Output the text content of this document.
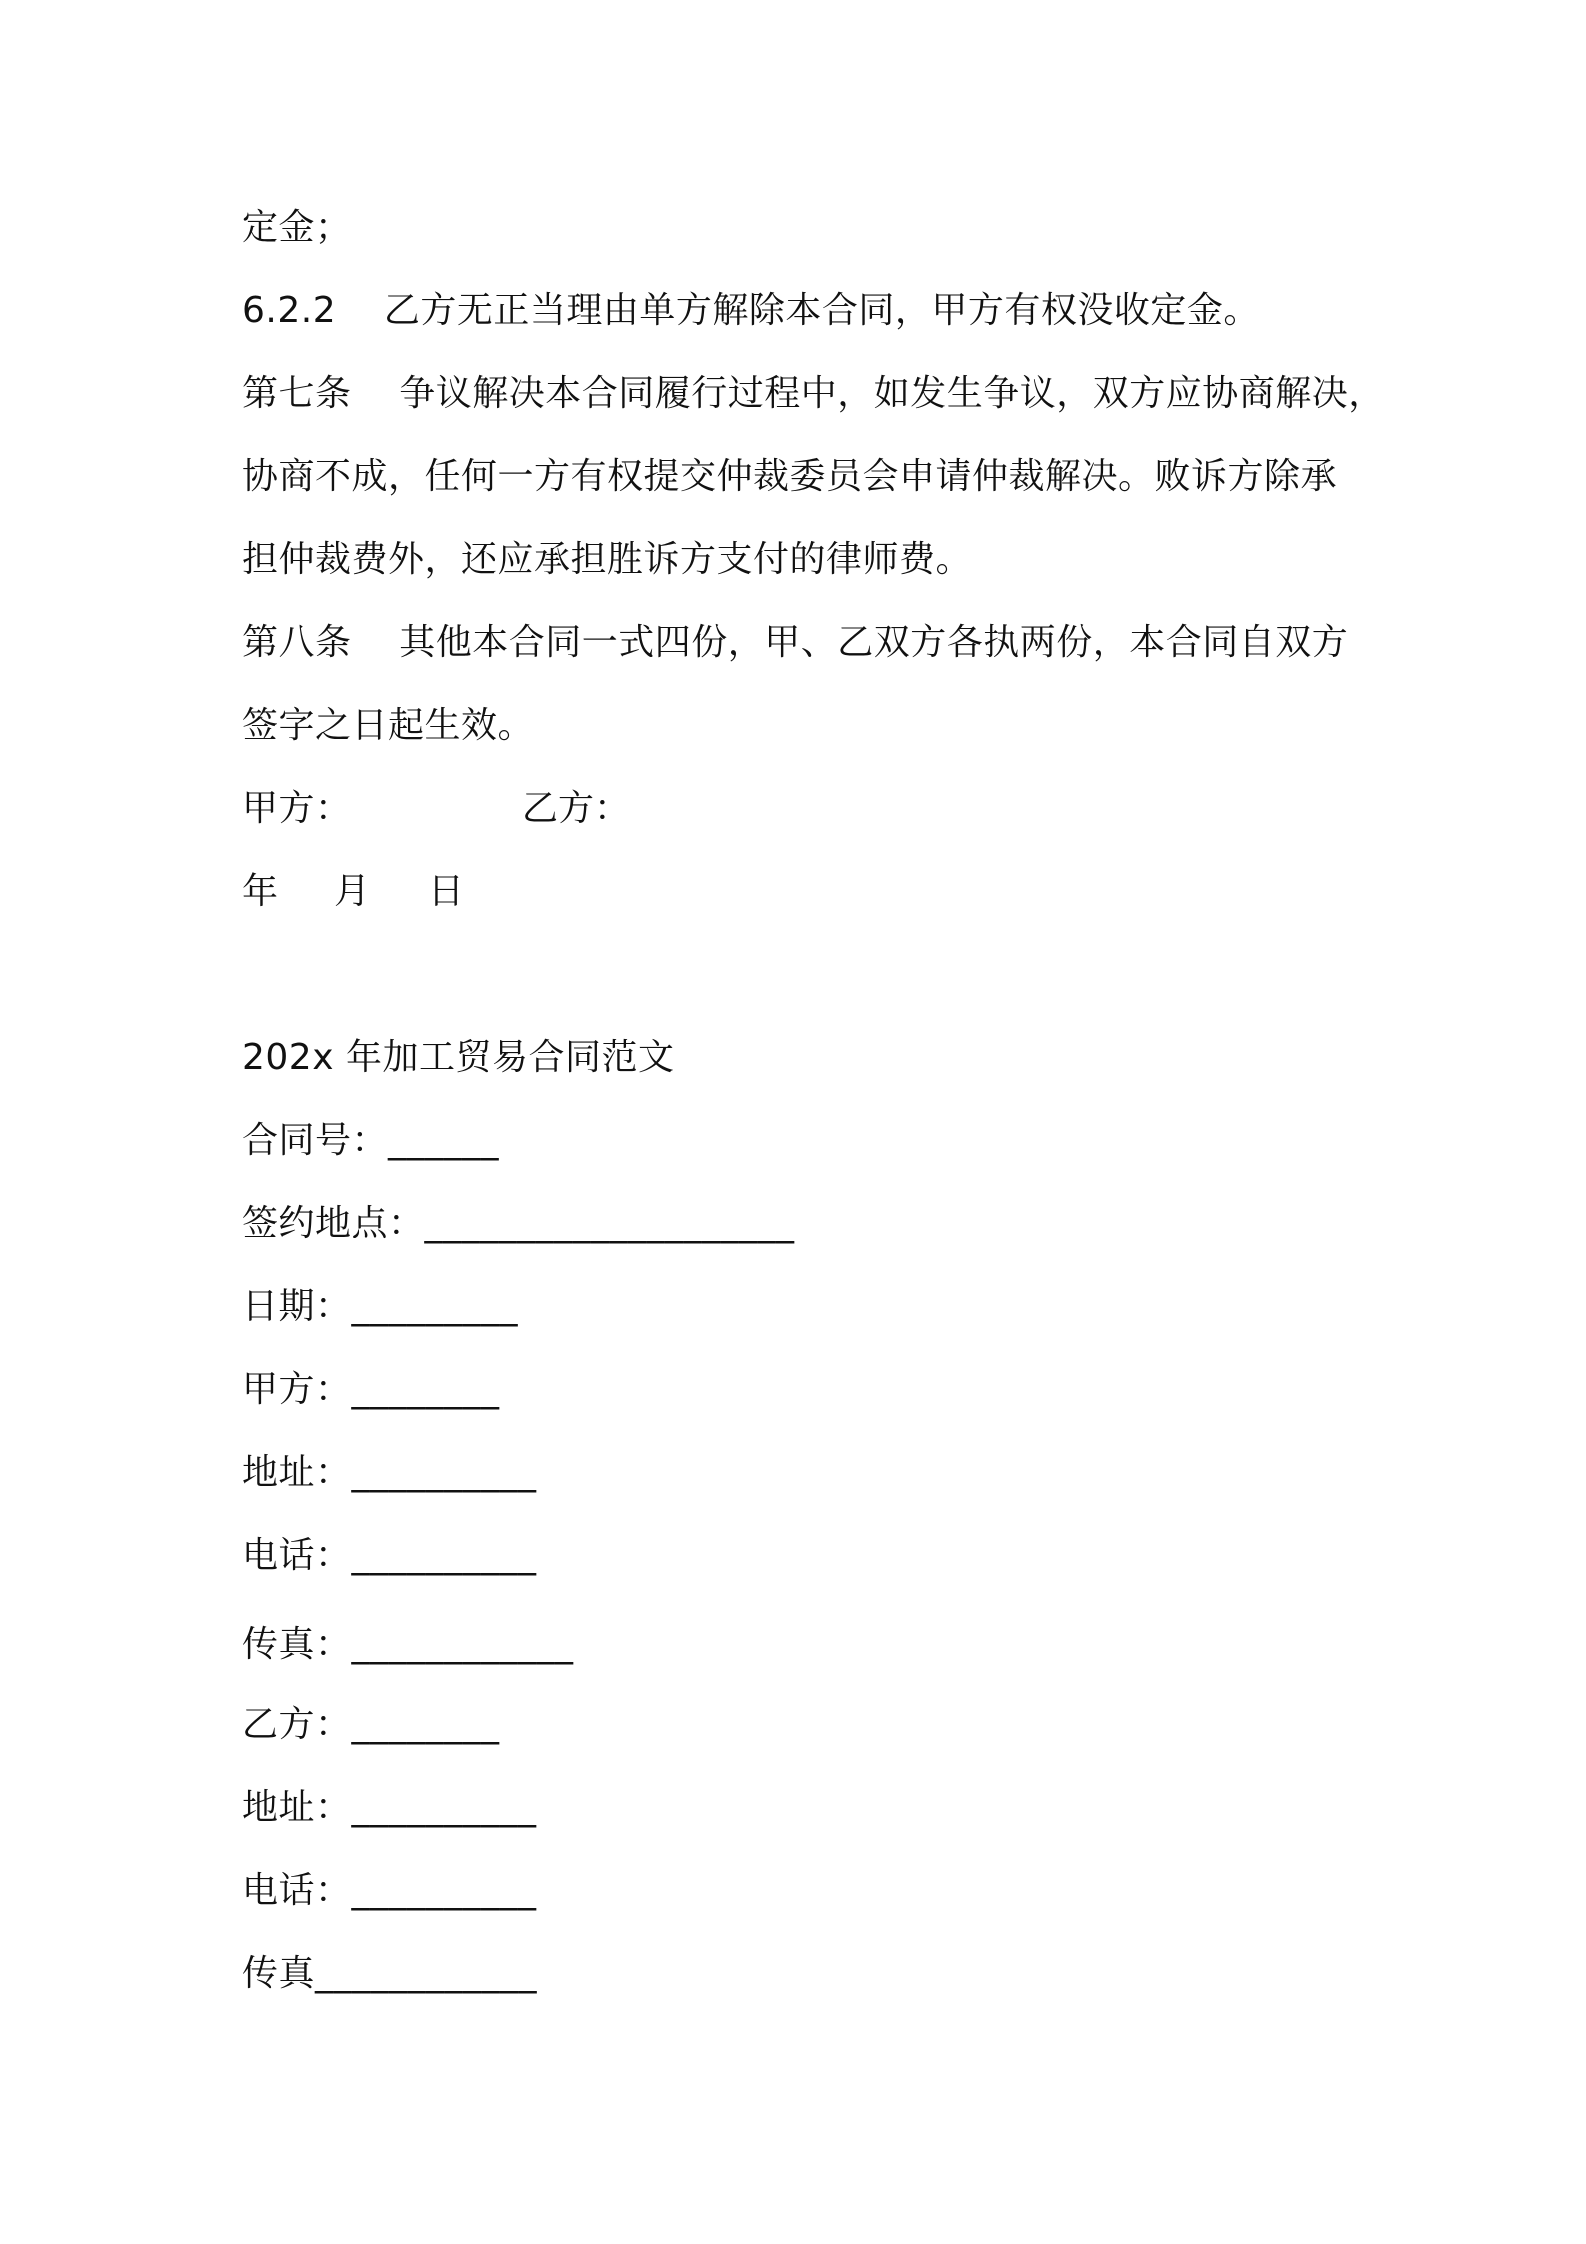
定金；
6.2.2    乙方无正当理由单方解除本合同，甲方有权没收定金。
第七条    争议解决本合同履行过程中，如发生争议，双方应协商解决，
协商不成，任何一方有权提交仲裁委员会申请仲裁解决。败诉方除承
担仲裁费外，还应承担胜诉方支付的律师费。
第八条    其他本合同一式四份，甲、乙双方各执两份，本合同自双方
签字之日起生效。
甲方：	乙方：
年 月 日
202x 年加工贸易合同范文
合同号：______
签约地点：____________________
日期：_________
甲方：________
地址：__________
电话：__________
传真：____________
乙方：________
地址：__________
电话：__________
传真____________
